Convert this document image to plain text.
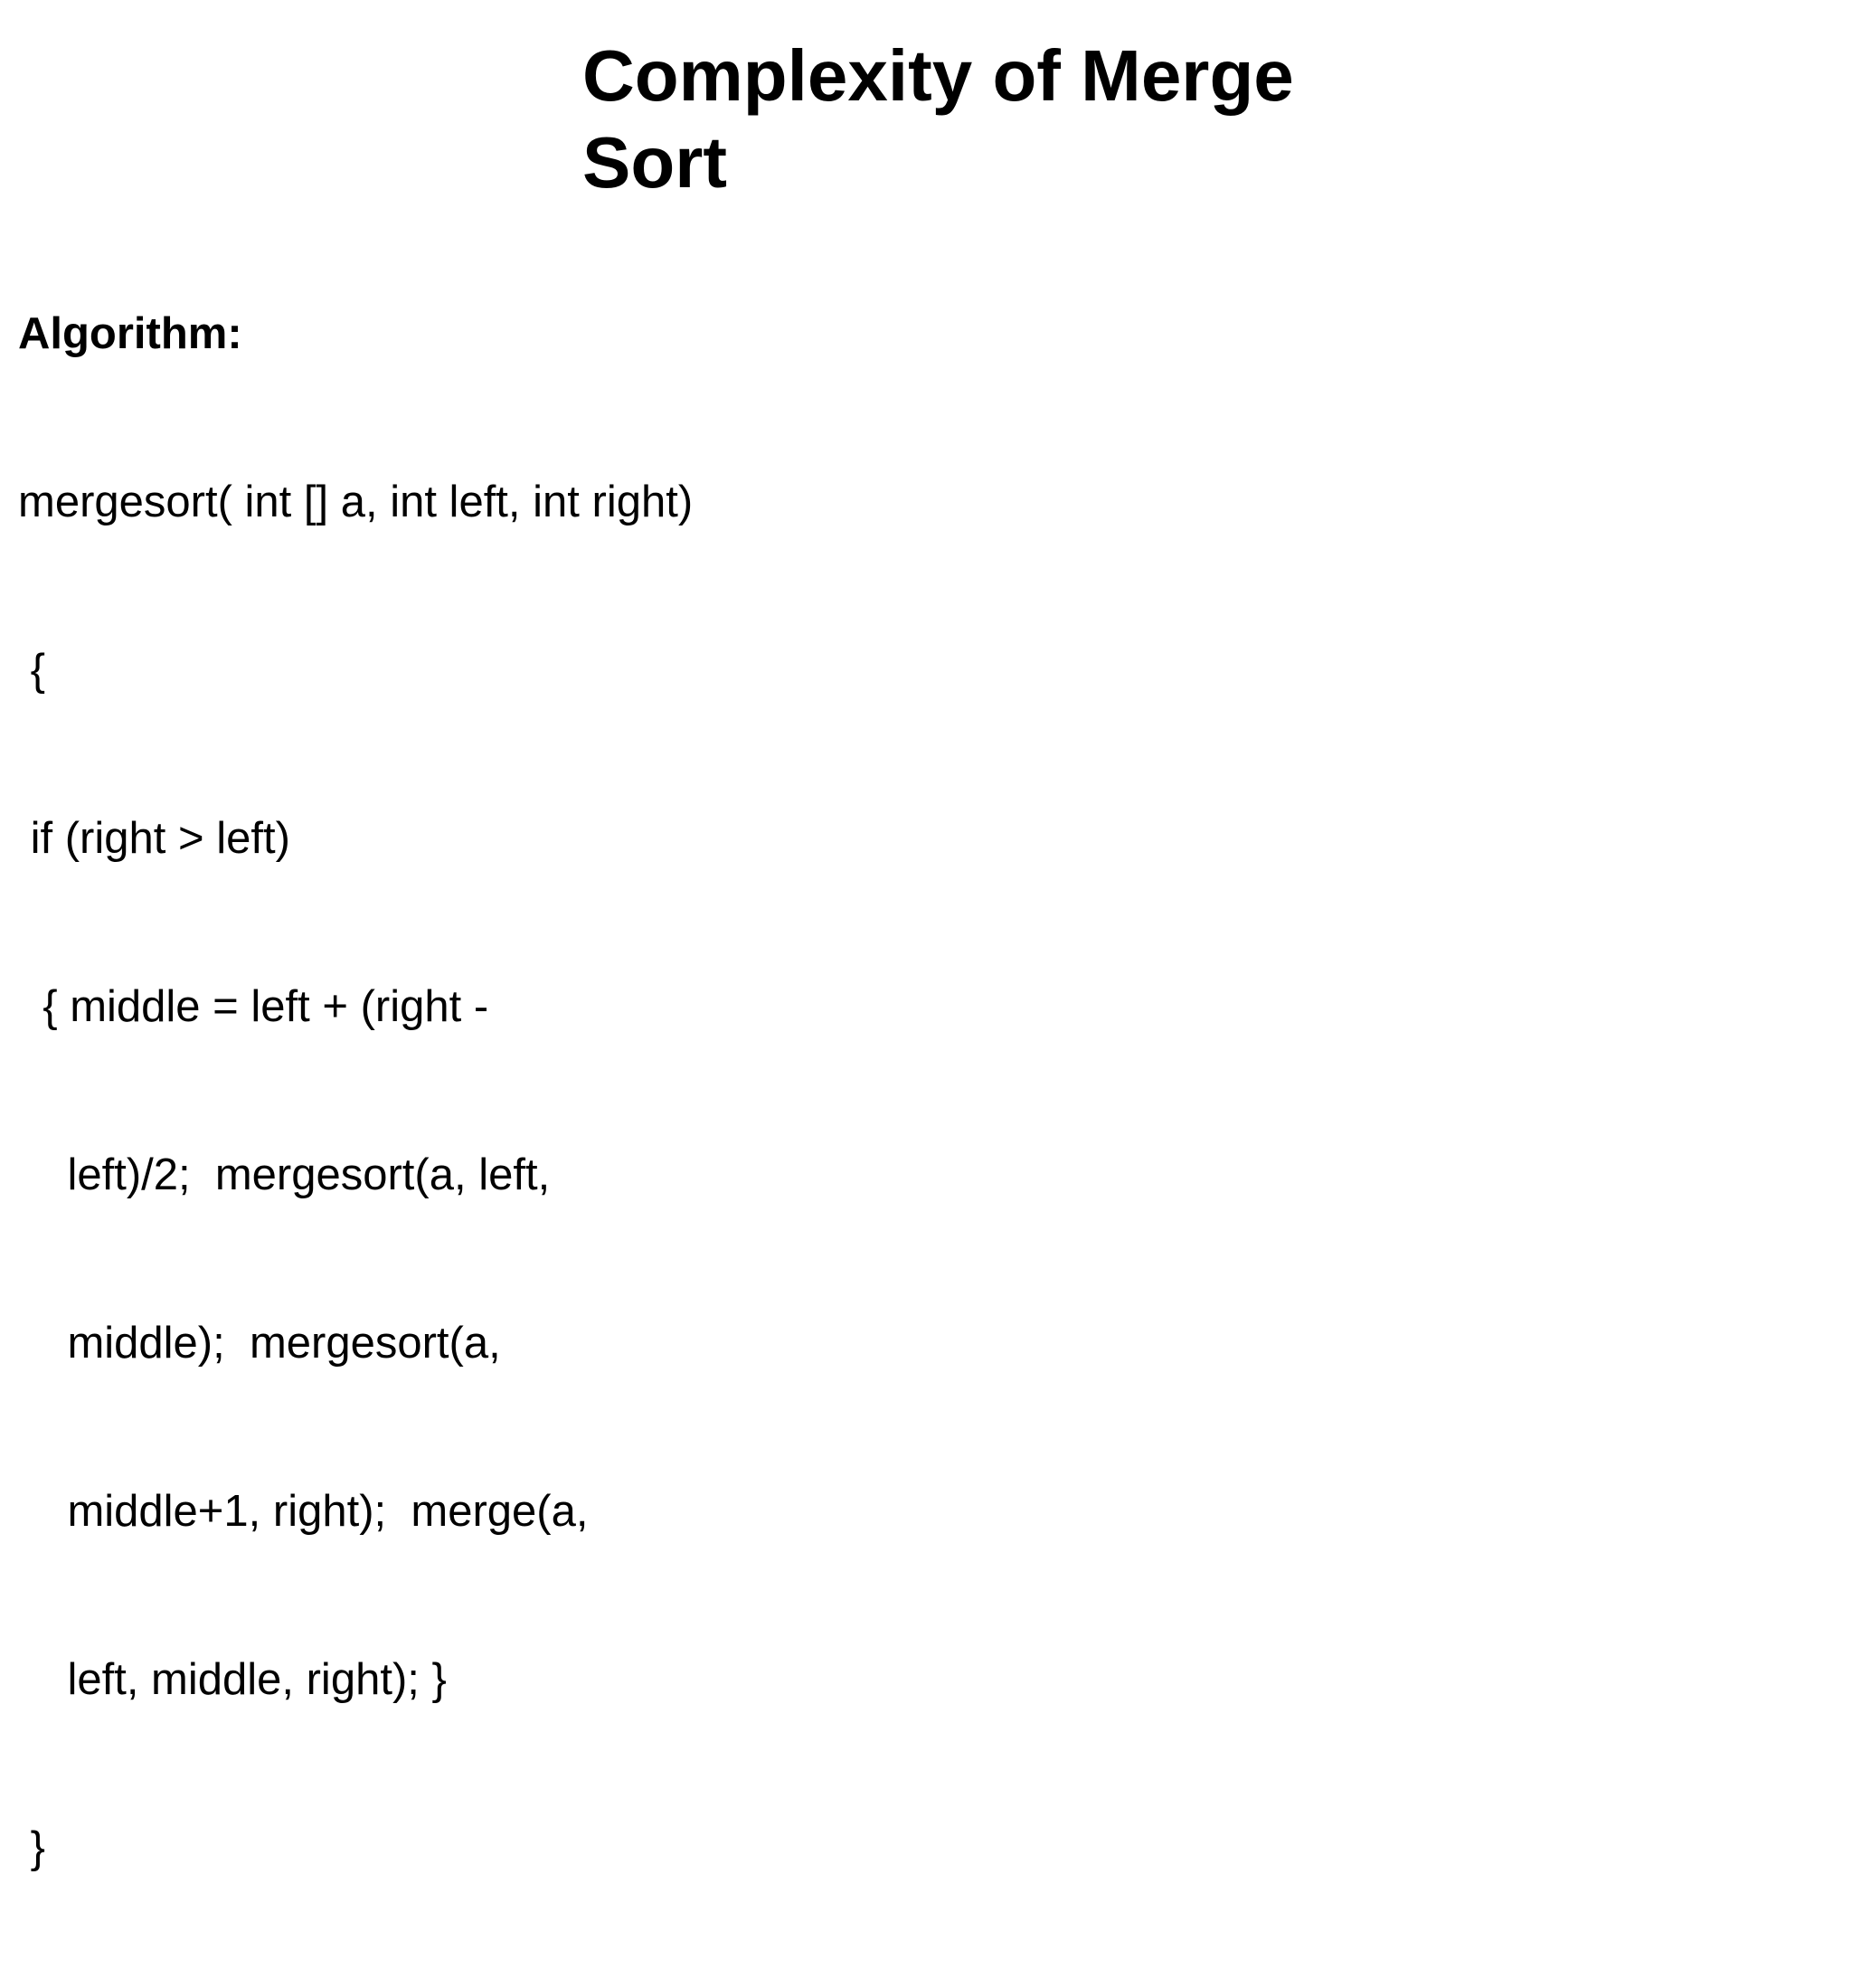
Complexity of Merge
Sort

Algorithm:

mergesort( int [] a, int left, int right)

{

if (right > left)

{ middle = left + (right -

left)/2;  mergesort(a, left,

middle);  mergesort(a,

middle+1, right);  merge(a,

left, middle, right); }

}
